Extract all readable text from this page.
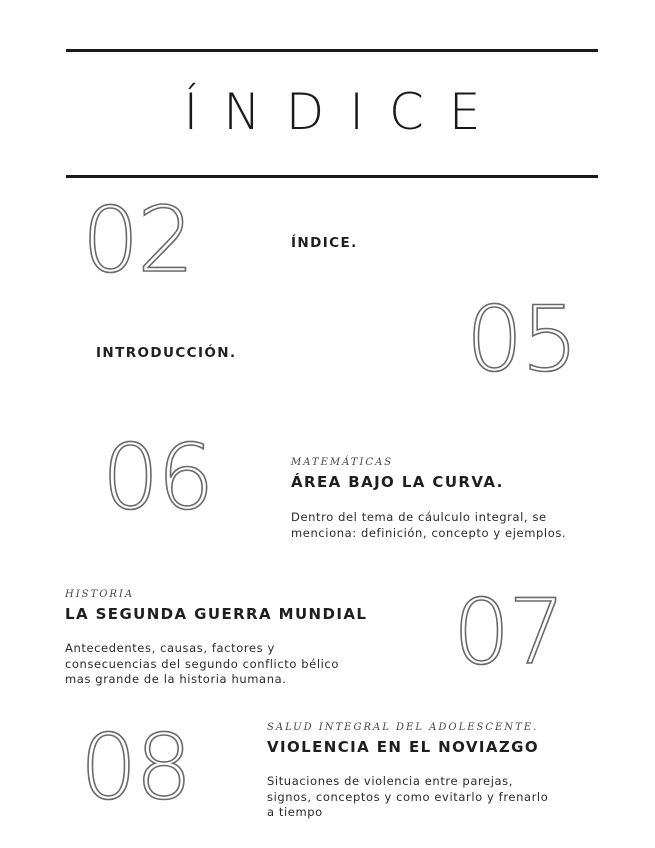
ÍNDICE
02	ÍNDICE.
INTRODUCCIÓN.	05
06	MATEMÁTICAS
ÁREA BAJO LA CURVA.
Dentro del tema de cáulculo integral, se
menciona: definición, concepto y ejemplos.
HISTORIA
LA SEGUNDA GUERRA MUNDIAL
Antecedentes, causas, factores y
consecuencias del segundo conflicto bélico
mas grande de la historia humana.	07
08	SALUD INTEGRAL DEL ADOLESCENTE.
VIOLENCIA EN EL NOVIAZGO
Situaciones de violencia entre parejas,
signos, conceptos y como evitarlo y frenarlo
a tiempo
